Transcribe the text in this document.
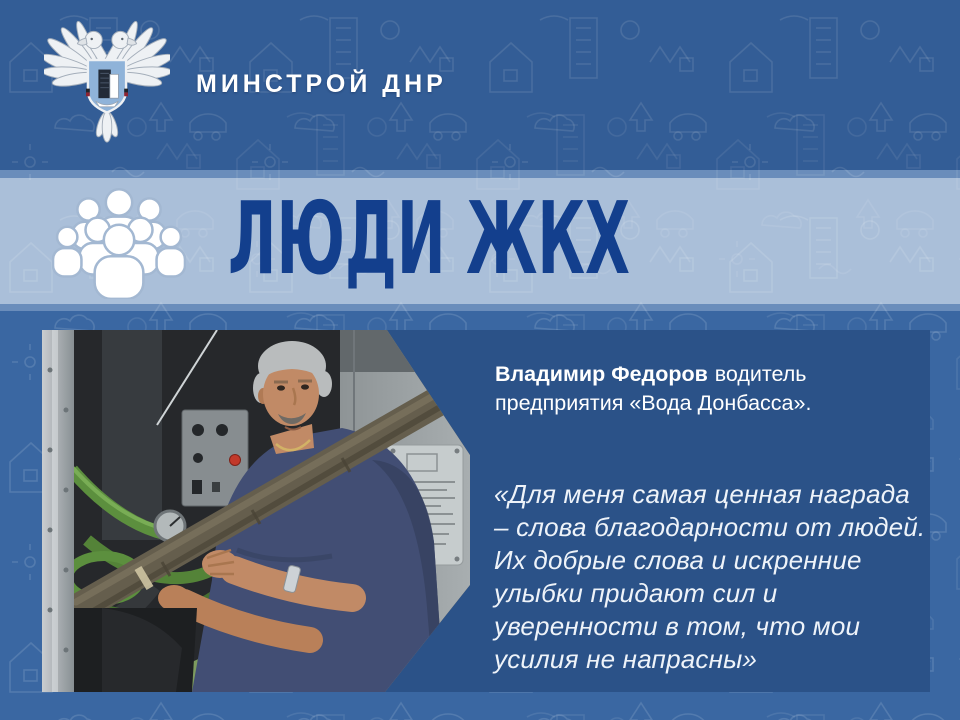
МИНСТРОЙ ДНР
ЛЮДИ ЖКХ
Владимир Федоров водитель
предприятия «Вода Донбасса».
«Для меня самая ценная награда
– слова благодарности от людей.
Их добрые слова и искренние
улыбки придают сил и
уверенности в том, что мои
усилия не напрасны»
